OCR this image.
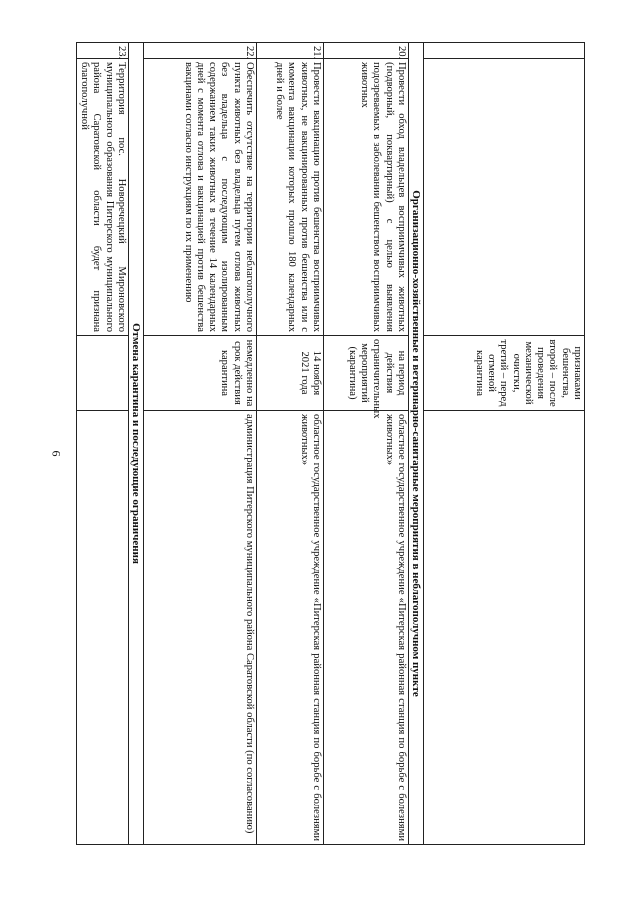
6
		признаками бешенства, второй – после проведения механической очистки, третий – перед отменой карантина	
Организационно-хозяйственные и ветеринарно-санитарные мероприятия в неблагополучном пункте			
20.	Провести обход владельцев восприимчивых животных (подворный, поквартирный) с целью выявления подозреваемых в заболевании бешенством восприимчивых животных	на период действия ограничительных мероприятий (карантина)	областное государственное учреждение «Питерская районная станция по борьбе с болезнями животных»
21.	Провести вакцинацию против бешенства восприимчивых животных, не вакцинированных против бешенства или с момента вакцинации которых прошло 180 календарных дней и более	14 ноября 2021 года	областное государственное учреждение «Питерская районная станция по борьбе с болезнями животных»
22.	Обеспечить отсутствие на территории неблагополучного пункта животных без владельца путем отлова животных без владельца с последующим изолированным содержанием таких животных в течение 14 календарных дней с момента отлова и вакцинацией против бешенства вакцинами согласно инструкциям по их применению	немедленно на срок действия карантина	администрация Питерского муниципального района Саратовской области (по согласованию)
Отмена карантина и последующие ограничения			
23.	Территория пос. Новоречецкий Мироновского муниципального образования Питерского муниципального района Саратовской области будет признана благополучной		
